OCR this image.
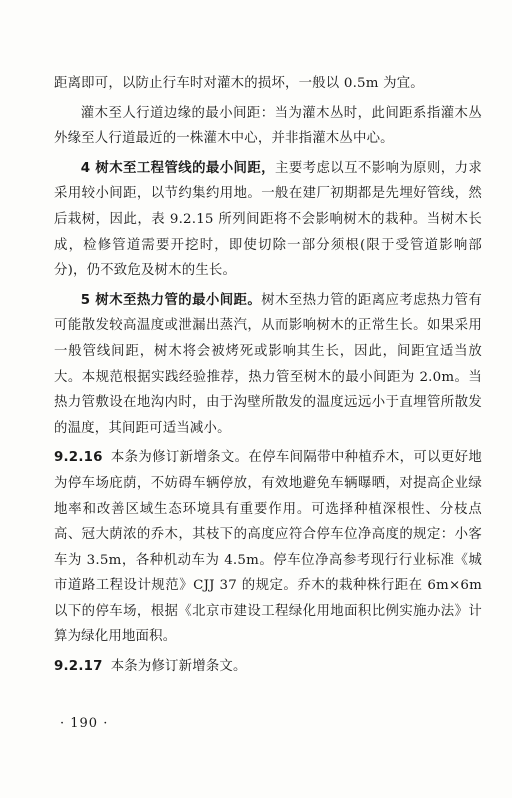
距离即可，以防止行车时对灌木的损坏，一般以 0.5m 为宜。

灌木至人行道边缘的最小间距：当为灌木丛时，此间距系指灌木丛外缘至人行道最近的一株灌木中心，并非指灌木丛中心。

4 树木至工程管线的最小间距，主要考虑以互不影响为原则，力求采用较小间距，以节约集约用地。一般在建厂初期都是先埋好管线，然后栽树，因此，表 9.2.15 所列间距将不会影响树木的栽种。当树木长成，检修管道需要开挖时，即使切除一部分须根(限于受管道影响部分)，仍不致危及树木的生长。

5 树木至热力管的最小间距。树木至热力管的距离应考虑热力管有可能散发较高温度或泄漏出蒸汽，从而影响树木的正常生长。如果采用一般管线间距，树木将会被烤死或影响其生长，因此，间距宜适当放大。本规范根据实践经验推荐，热力管至树木的最小间距为 2.0m。当热力管敷设在地沟内时，由于沟壁所散发的温度远远小于直埋管所散发的温度，其间距可适当减小。

9.2.16 本条为修订新增条文。在停车间隔带中种植乔木，可以更好地为停车场庇荫，不妨碍车辆停放，有效地避免车辆曝晒，对提高企业绿地率和改善区域生态环境具有重要作用。可选择种植深根性、分枝点高、冠大荫浓的乔木，其枝下的高度应符合停车位净高度的规定：小客车为 3.5m，各种机动车为 4.5m。停车位净高参考现行行业标准《城市道路工程设计规范》CJJ 37 的规定。乔木的栽种株行距在 6m×6m 以下的停车场，根据《北京市建设工程绿化用地面积比例实施办法》计算为绿化用地面积。

9.2.17 本条为修订新增条文。

· 190 ·
